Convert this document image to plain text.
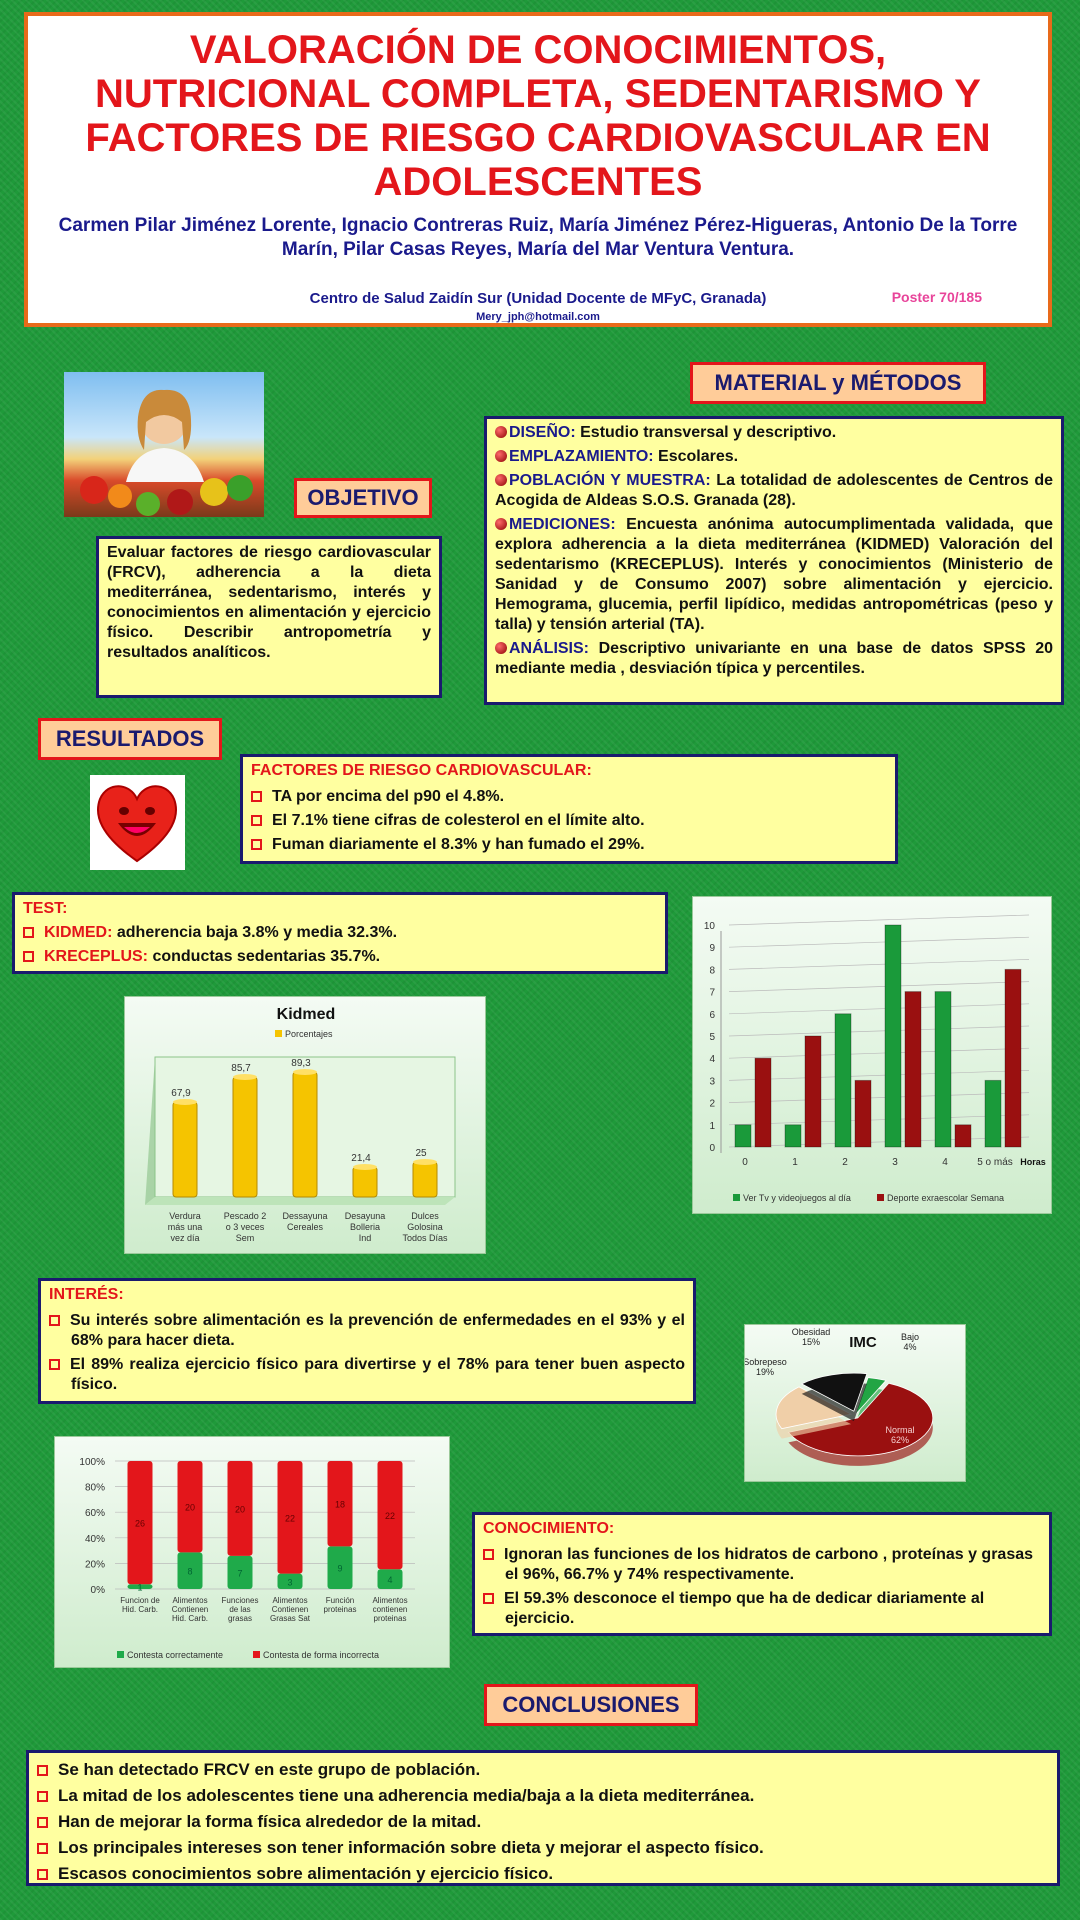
VALORACIÓN DE CONOCIMIENTOS, NUTRICIONAL COMPLETA, SEDENTARISMO Y FACTORES DE RIESGO CARDIOVASCULAR EN ADOLESCENTES
Carmen Pilar Jiménez Lorente, Ignacio Contreras Ruiz, María Jiménez Pérez-Higueras, Antonio De la Torre Marín, Pilar Casas Reyes, María del Mar Ventura Ventura.
Centro de Salud Zaidín Sur (Unidad Docente de MFyC, Granada)
Mery_jph@hotmail.com
Poster 70/185
OBJETIVO
Evaluar factores de riesgo cardiovascular (FRCV), adherencia a la dieta mediterránea, sedentarismo, interés y conocimientos en alimentación y ejercicio físico. Describir antropometría y resultados analíticos.
MATERIAL y MÉTODOS

DISEÑO: Estudio transversal y descriptivo.

EMPLAZAMIENTO: Escolares.

POBLACIÓN Y MUESTRA: La totalidad de adolescentes de Centros de Acogida de Aldeas S.O.S. Granada (28).

MEDICIONES: Encuesta anónima autocumplimentada validada, que explora adherencia a la dieta mediterránea (KIDMED) Valoración del sedentarismo (KRECEPLUS). Interés y conocimientos (Ministerio de Sanidad y de Consumo 2007) sobre alimentación y ejercicio. Hemograma, glucemia, perfil lipídico, medidas antropométricas (peso y talla) y tensión arterial (TA).

ANÁLISIS: Descriptivo univariante en una base de datos SPSS 20 mediante media , desviación típica y percentiles.

RESULTADOS

FACTORES DE RIESGO CARDIOVASCULAR:

TA por encima del p90 el 4.8%.
El 7.1% tiene cifras de colesterol en el límite alto.
Fuman diariamente el 8.3% y han fumado el 29%.

TEST:

KIDMED: adherencia baja 3.8% y media 32.3%.
KRECEPLUS: conductas sedentarias 35.7%.
Kidmed
Porcentajes
67,9
Verdura
más una
vez día
85,7
Pescado 2
o 3 veces
Sem
89,3
Dessayuna
Cereales
21,4
Desayuna
Bolleria
Ind
25
Dulces
Golosina
Todos Días
0
1
2
3
4
5
6
7
8
9
10
0	1	2	3	4	5 o más Horas
Ver Tv y videojuegos al día	Deporte exraescolar Semana

INTERÉS:

Su interés sobre alimentación es la prevención de enfermedades en el 93% y el 68% para hacer dieta.
El 89% realiza ejercicio físico para divertirse y el 78% para tener buen aspecto físico.
IMC	Bajo
4%
Normal
62%
Sobrepeso
19%
Obesidad
15%
0%
20%
40%
60%
80%
100%
1
26
Funcion de
Hid. Carb.
8
20
Alimentos
Contienen
Hid. Carb.
7
20
Funciones
de las
grasas
3
22
Alimentos
Contienen
Grasas Sat
9
18
Función
proteinas
4
22
Alimentos
contienen
proteinas
Contesta correctamente	Contesta de forma incorrecta

CONOCIMIENTO:

Ignoran las funciones de los hidratos de carbono , proteínas y grasas el 96%, 66.7% y 74% respectivamente.
El 59.3% desconoce el tiempo que ha de dedicar diariamente al ejercicio.
CONCLUSIONES
Se han detectado FRCV en este grupo de población.
La mitad de los adolescentes tiene una adherencia media/baja a la dieta mediterránea.
Han de mejorar la forma física alrededor de la mitad.
Los principales intereses son tener información sobre dieta y mejorar el aspecto físico.
Escasos conocimientos sobre alimentación y ejercicio físico.
